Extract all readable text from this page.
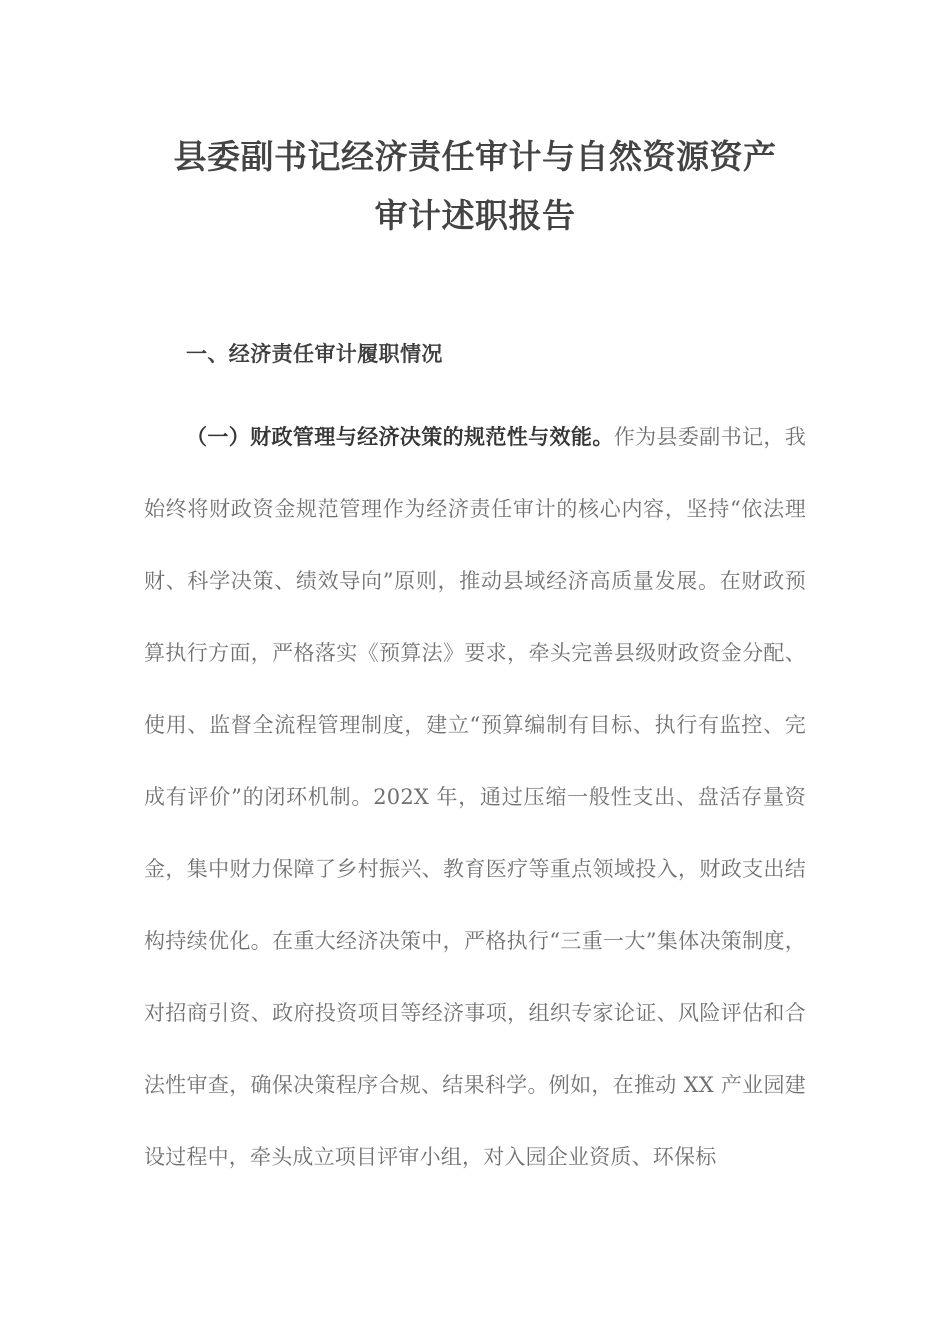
县委副书记经济责任审计与自然资源资产
审计述职报告
一、经济责任审计履职情况

（一）财政管理与经济决策的规范性与效能。作为县委副书记，我始终将财政资金规范管理作为经济责任审计的核心内容，坚持“依法理财、科学决策、绩效导向”原则，推动县域经济高质量发展。在财政预算执行方面，严格落实《预算法》要求，牵头完善县级财政资金分配、使用、监督全流程管理制度，建立“预算编制有目标、执行有监控、完成有评价”的闭环机制。202X 年，通过压缩一般性支出、盘活存量资金，集中财力保障了乡村振兴、教育医疗等重点领域投入，财政支出结构持续优化。在重大经济决策中，严格执行“三重一大”集体决策制度，对招商引资、政府投资项目等经济事项，组织专家论证、风险评估和合法性审查，确保决策程序合规、结果科学。例如，在推动 XX 产业园建设过程中，牵头成立项目评审小组，对入园企业资质、环保标
